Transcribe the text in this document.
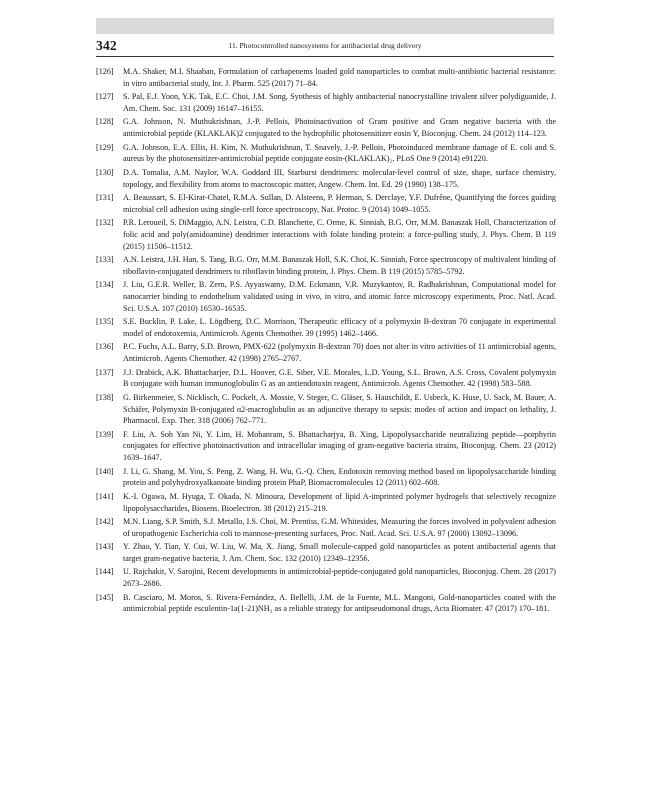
342	11. Photocontrolled nanosystems for antibacterial drug delivery
[126] M.A. Shaker, M.I. Shaaban, Formulation of carbapenems loaded gold nanoparticles to combat multi-antibiotic bacterial resistance: in vitro antibacterial study, Int. J. Pharm. 525 (2017) 71–84.
[127] S. Pal, E.J. Yoon, Y.K. Tak, E.C. Choi, J.M. Song, Synthesis of highly antibacterial nanocrystalline trivalent silver polydiguanide, J. Am. Chem. Soc. 131 (2009) 16147–16155.
[128] G.A. Johnson, N. Muthukrishnan, J.-P. Pellois, Photoinactivation of Gram positive and Gram negative bacteria with the antimicrobial peptide (KLAKLAK)2 conjugated to the hydrophilic photosensitizer eosin Y, Bioconjug. Chem. 24 (2012) 114–123.
[129] G.A. Johnson, E.A. Ellis, H. Kim, N. Muthukrishnan, T. Snavely, J.-P. Pellois, Photoinduced membrane damage of E. coli and S. aureus by the photosensitizer-antimicrobial peptide conjugate eosin-(KLAKLAK)₂, PLoS One 9 (2014) e91220.
[130] D.A. Tomalia, A.M. Naylor, W.A. Goddard III, Starburst dendrimers: molecular-level control of size, shape, surface chemistry, topology, and flexibility from atoms to macroscopic matter, Angew. Chem. Int. Ed. 29 (1990) 138–175.
[131] A. Beaussart, S. El-Kirat-Chatel, R.M.A. Sullan, D. Alsteens, P. Herman, S. Derclaye, Y.F. Dufrêne, Quantifying the forces guiding microbial cell adhesion using single-cell force spectroscopy, Nat. Protoc. 9 (2014) 1049–1055.
[132] P.R. Leroueil, S. DiMaggio, A.N. Leistra, C.D. Blanchette, C. Orme, K. Sinniah, B.G. Orr, M.M. Banaszak Holl, Characterization of folic acid and poly(amidoamine) dendrimer interactions with folate binding protein: a force-pulling study, J. Phys. Chem. B 119 (2015) 11506–11512.
[133] A.N. Leistra, J.H. Han, S. Tang, B.G. Orr, M.M. Banaszak Holl, S.K. Choi, K. Sinniah, Force spectroscopy of multivalent binding of riboflavin-conjugated dendrimers to riboflavin binding protein, J. Phys. Chem. B 119 (2015) 5785–5792.
[134] J. Liu, G.E.R. Weller, B. Zern, P.S. Ayyaswamy, D.M. Eckmann, V.R. Muzykantov, R. Radhakrishnan, Computational model for nanocarrier binding to endothelium validated using in vivo, in vitro, and atomic force microscopy experiments, Proc. Natl. Acad. Sci. U.S.A. 107 (2010) 16530–16535.
[135] S.E. Bucklin, P. Lake, L. Lögdberg, D.C. Morrison, Therapeutic efficacy of a polymyxin B-dextran 70 conjugate in experimental model of endotoxemia, Antimicrob. Agents Chemother. 39 (1995) 1462–1466.
[136] P.C. Fuchs, A.L. Barry, S.D. Brown, PMX-622 (polymyxin B-dextran 70) does not alter in vitro activities of 11 antimicrobial agents, Antimicrob. Agents Chemother. 42 (1998) 2765–2767.
[137] J.J. Drabick, A.K. Bhattacharjee, D.L. Hoover, G.E. Siber, V.E. Morales, L.D. Young, S.L. Brown, A.S. Cross, Covalent polymyxin B conjugate with human immunoglobulin G as an antiendotoxin reagent, Antimicrob. Agents Chemother. 42 (1998) 583–588.
[138] G. Birkenmeier, S. Nicklisch, C. Pockelt, A. Mossie, V. Steger, C. Gläser, S. Hauschildt, E. Usbeck, K. Huse, U. Sack, M. Bauer, A. Schäfer, Polymyxin B-conjugated α2-macroglobulin as an adjunctive therapy to sepsis: modes of action and impact on lethality, J. Pharmacol. Exp. Ther. 318 (2006) 762–771.
[139] F. Liu, A. Soh Yan Ni, Y. Lim, H. Mohanram, S. Bhattacharjya, B. Xing, Lipopolysaccharide neutralizing peptide—porphyrin conjugates for effective photoinactivation and intracellular imaging of gram-negative bacteria strains, Bioconjug. Chem. 23 (2012) 1639–1647.
[140] J. Li, G. Shang, M. You, S. Peng, Z. Wang, H. Wu, G.-Q. Chen, Endotoxin removing method based on lipopolysaccharide binding protein and polyhydroxyalkanoate binding protein PhaP, Biomacromolecules 12 (2011) 602–608.
[141] K.-I. Ogawa, M. Hyuga, T. Okada, N. Minoura, Development of lipid A-imprinted polymer hydrogels that selectively recognize lipopolysaccharides, Biosens. Bioelectron. 38 (2012) 215–219.
[142] M.N. Liang, S.P. Smith, S.J. Metallo, I.S. Choi, M. Prentiss, G.M. Whitesides, Measuring the forces involved in polyvalent adhesion of uropathogenic Escherichia coli to mannose-presenting surfaces, Proc. Natl. Acad. Sci. U.S.A. 97 (2000) 13092–13096.
[143] Y. Zhao, Y. Tian, Y. Cui, W. Liu, W. Ma, X. Jiang, Small molecule-capped gold nanoparticles as potent antibacterial agents that target gram-negative bacteria, J. Am. Chem. Soc. 132 (2010) 12349–12356.
[144] U. Rajchakit, V. Sarojini, Recent developments in antimicrobial-peptide-conjugated gold nanoparticles, Bioconjug. Chem. 28 (2017) 2673–2686.
[145] B. Casciaro, M. Moros, S. Rivera-Fernández, A. Bellelli, J.M. de la Fuente, M.L. Mangoni, Gold-nanoparticles coated with the antimicrobial peptide esculentin-1a(1-21)NH₂ as a reliable strategy for antipseudomonal drugs, Acta Biomater. 47 (2017) 170–181.
